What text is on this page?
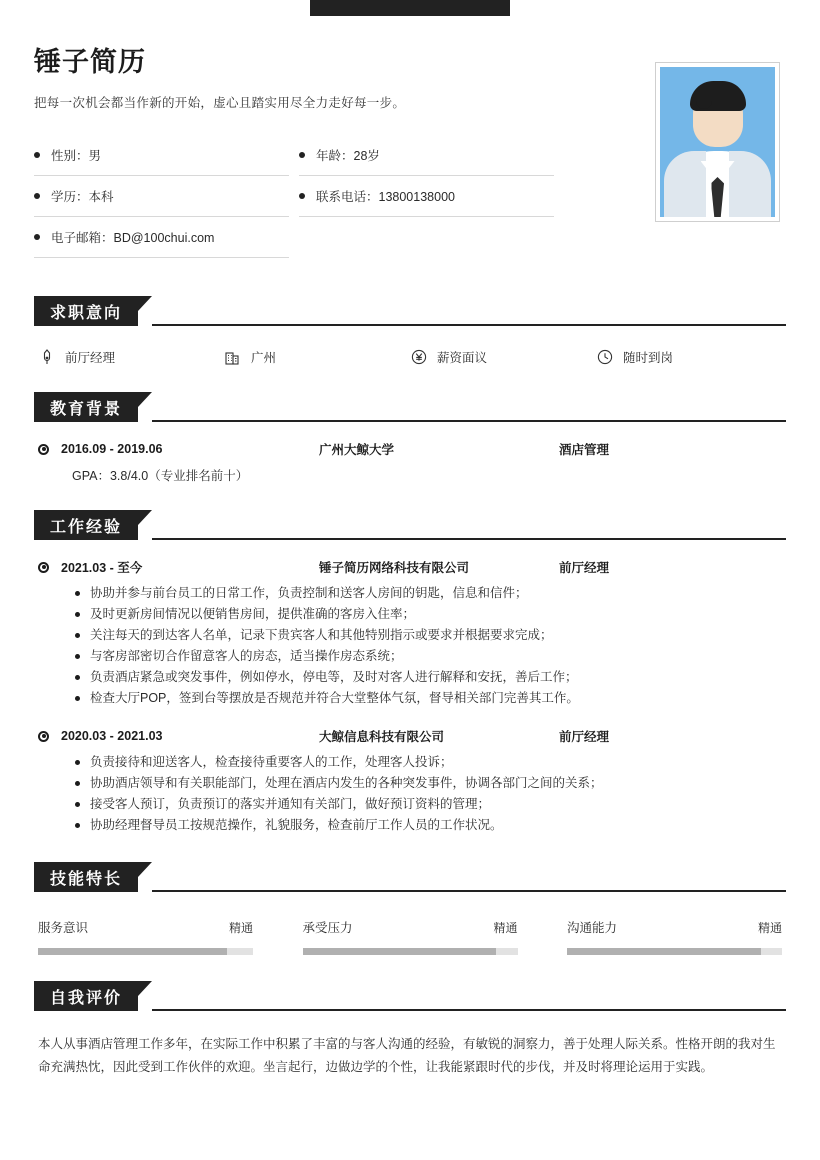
锤子简历
把每一次机会都当作新的开始，虚心且踏实用尽全力走好每一步。
性别：男	年龄：28岁
学历：本科	联系电话：13800138000
电子邮箱：BD@100chui.com
求职意向
前厅经理	广州	薪资面议	随时到岗
教育背景
2016.09 - 2019.06	广州大鲸大学	酒店管理
GPA：3.8/4.0（专业排名前十）
工作经验
2021.03 - 至今	锤子简历网络科技有限公司	前厅经理
协助并参与前台员工的日常工作，负责控制和送客人房间的钥匙，信息和信件；
及时更新房间情况以便销售房间，提供准确的客房入住率；
关注每天的到达客人名单，记录下贵宾客人和其他特别指示或要求并根据要求完成；
与客房部密切合作留意客人的房态，适当操作房态系统；
负责酒店紧急或突发事件，例如停水，停电等，及时对客人进行解释和安抚，善后工作；
检查大厅POP，签到台等摆放是否规范并符合大堂整体气氛，督导相关部门完善其工作。
2020.03 - 2021.03	大鲸信息科技有限公司	前厅经理
负责接待和迎送客人，检查接待重要客人的工作，处理客人投诉；
协助酒店领导和有关职能部门，处理在酒店内发生的各种突发事件，协调各部门之间的关系；
接受客人预订，负责预订的落实并通知有关部门，做好预订资料的管理；
协助经理督导员工按规范操作，礼貌服务，检查前厅工作人员的工作状况。
技能特长
服务意识	精通	承受压力	精通	沟通能力	精通
自我评价
本人从事酒店管理工作多年，在实际工作中积累了丰富的与客人沟通的经验，有敏锐的洞察力，善于处理人际关系。性格开朗的我对生命充满热忱，因此受到工作伙伴的欢迎。坐言起行，边做边学的个性，让我能紧跟时代的步伐，并及时将理论运用于实践。
